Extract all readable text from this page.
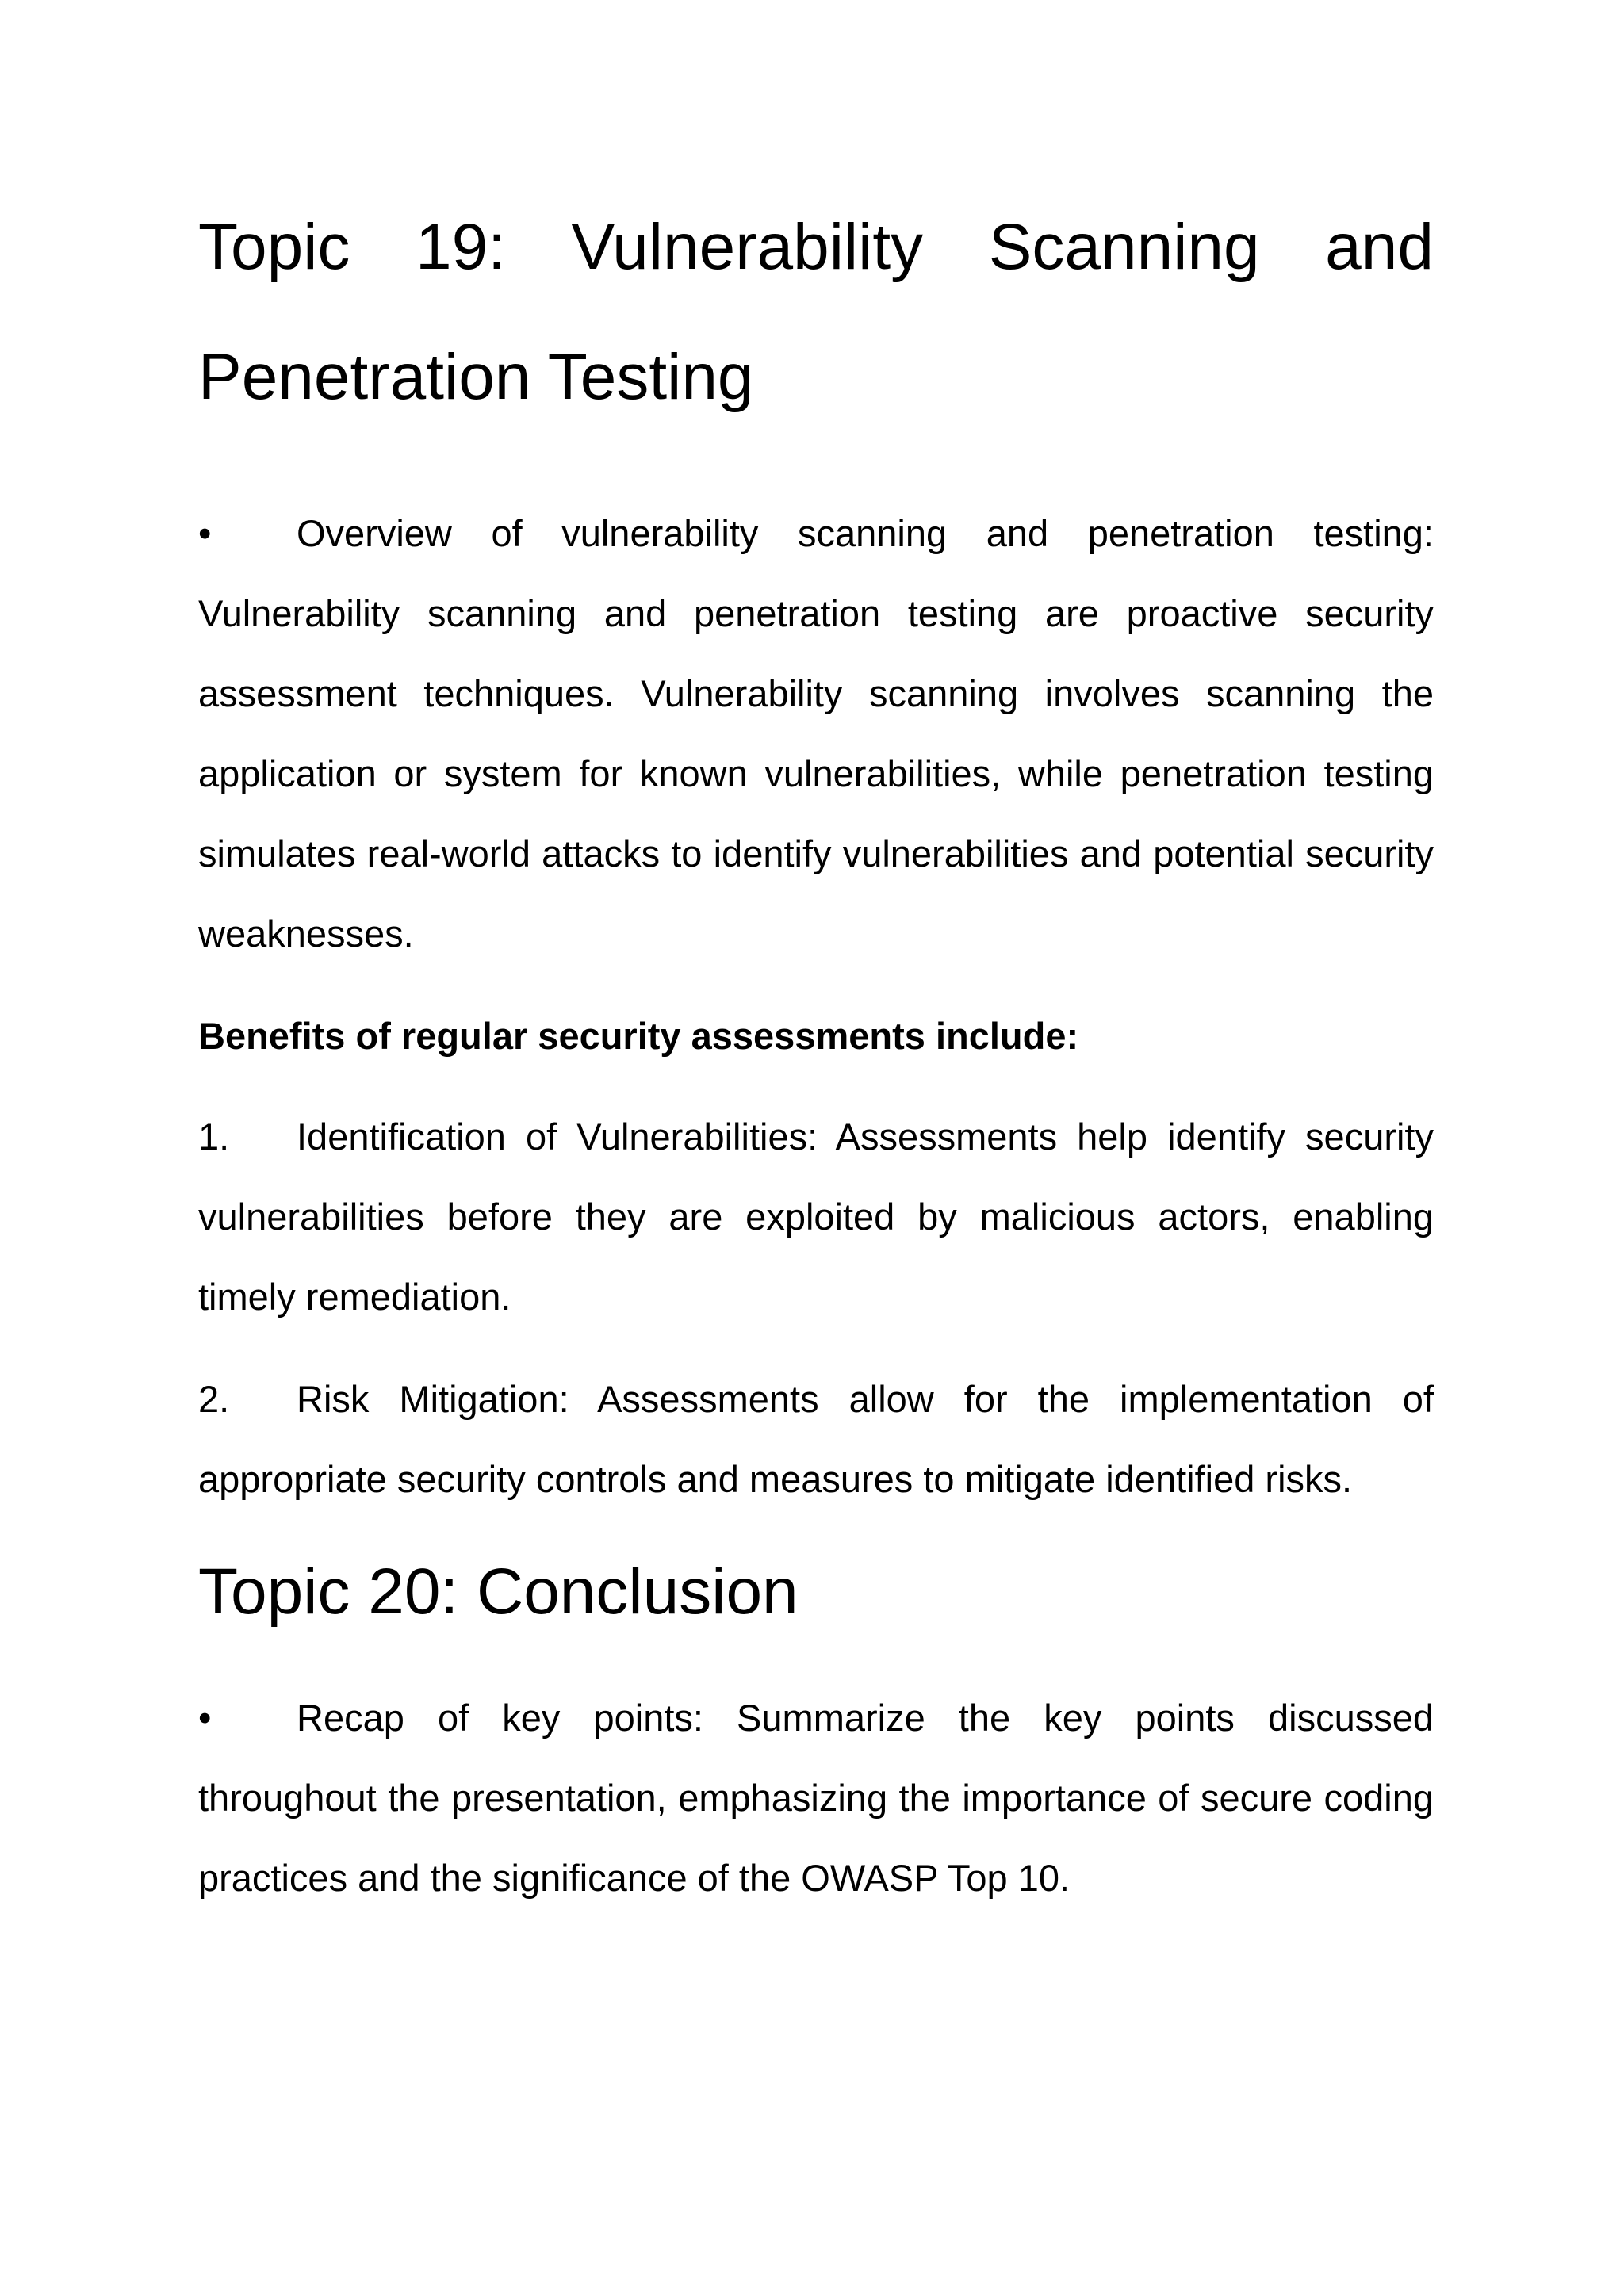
Topic 19: Vulnerability Scanning and Penetration Testing

• Overview of vulnerability scanning and penetration testing: Vulnerability scanning and penetration testing are proactive security assessment techniques. Vulnerability scanning involves scanning the application or system for known vulnerabilities, while penetration testing simulates real-world attacks to identify vulnerabilities and potential security weaknesses.

Benefits of regular security assessments include:

1. Identification of Vulnerabilities: Assessments help identify security vulnerabilities before they are exploited by malicious actors, enabling timely remediation.

2. Risk Mitigation: Assessments allow for the implementation of appropriate security controls and measures to mitigate identified risks.

Topic 20: Conclusion

• Recap of key points: Summarize the key points discussed throughout the presentation, emphasizing the importance of secure coding practices and the significance of the OWASP Top 10.
